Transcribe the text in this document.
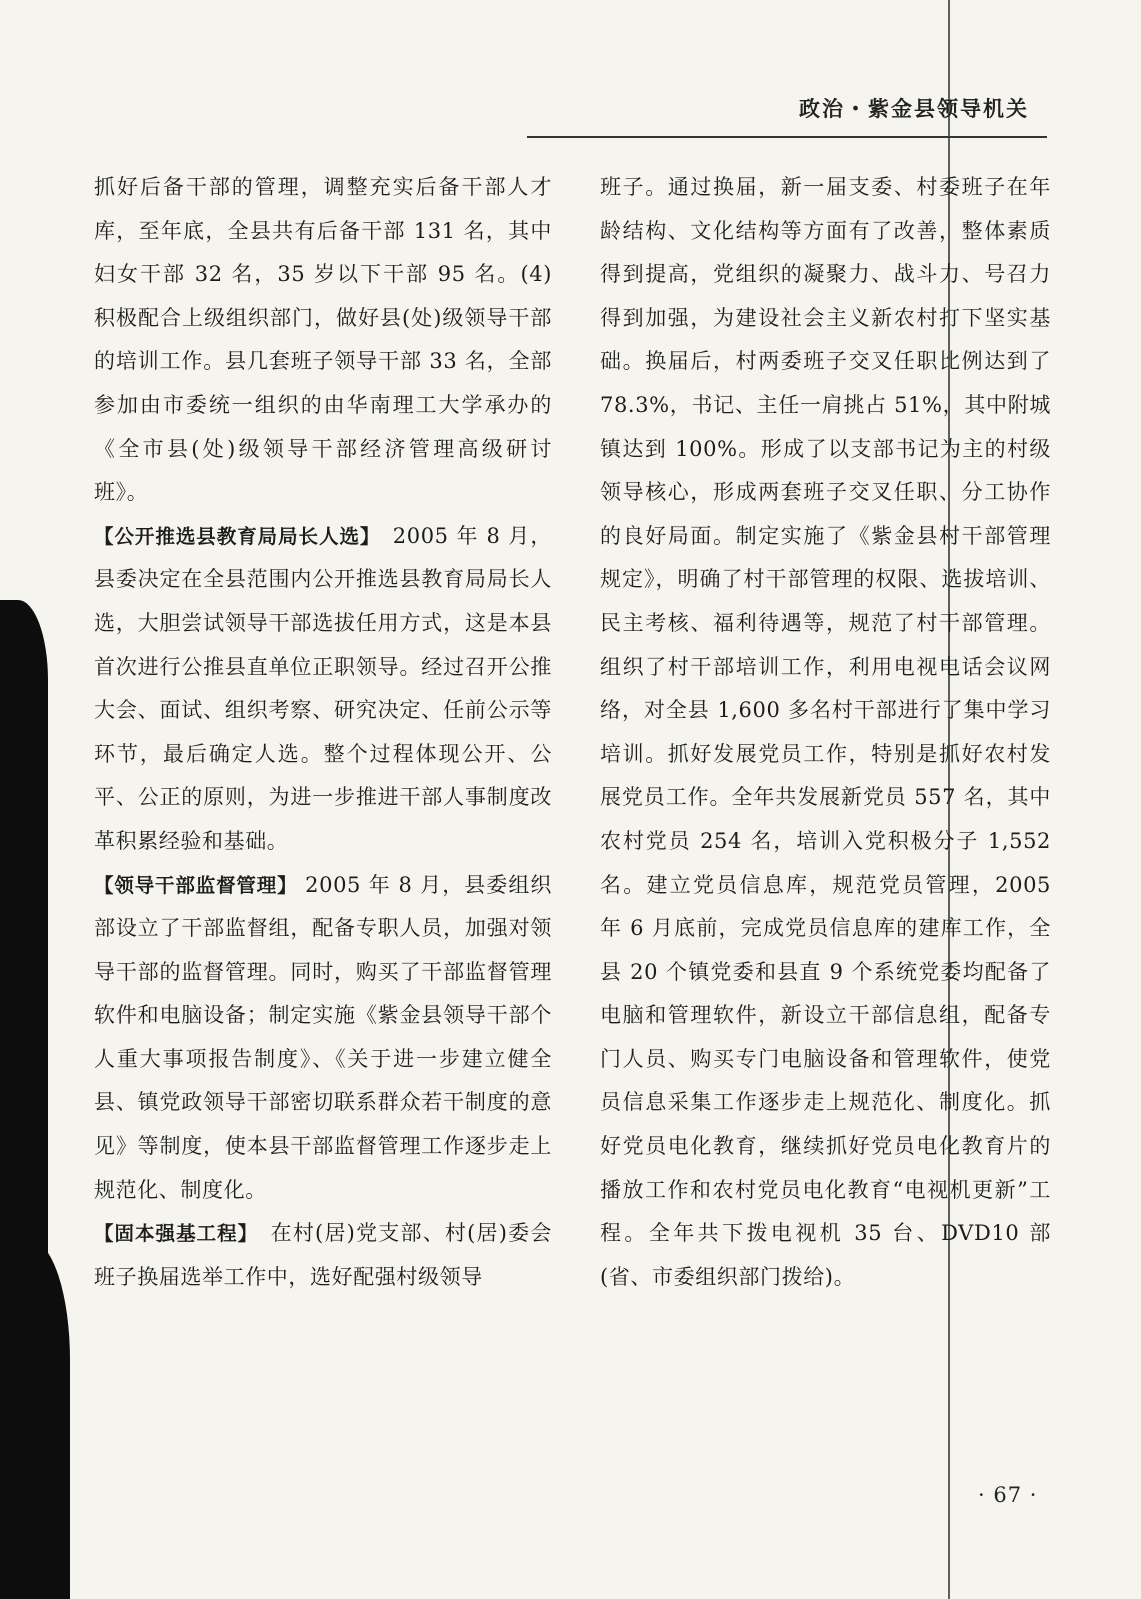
政治・紫金县领导机关

抓好后备干部的管理，调整充实后备干部人才库，至年底，全县共有后备干部 131 名，其中妇女干部 32 名，35 岁以下干部 95 名。(4) 积极配合上级组织部门，做好县(处)级领导干部的培训工作。县几套班子领导干部 33 名，全部参加由市委统一组织的由华南理工大学承办的《全市县(处)级领导干部经济管理高级研讨班》。

【公开推选县教育局局长人选】　2005 年 8 月，县委决定在全县范围内公开推选县教育局局长人选，大胆尝试领导干部选拔任用方式，这是本县首次进行公推县直单位正职领导。经过召开公推大会、面试、组织考察、研究决定、任前公示等环节，最后确定人选。整个过程体现公开、公平、公正的原则，为进一步推进干部人事制度改革积累经验和基础。

【领导干部监督管理】 2005 年 8 月，县委组织部设立了干部监督组，配备专职人员，加强对领导干部的监督管理。同时，购买了干部监督管理软件和电脑设备；制定实施《紫金县领导干部个人重大事项报告制度》、《关于进一步建立健全县、镇党政领导干部密切联系群众若干制度的意见》等制度，使本县干部监督管理工作逐步走上规范化、制度化。

【固本强基工程】　在村(居)党支部、村(居)委会班子换届选举工作中，选好配强村级领导

班子。通过换届，新一届支委、村委班子在年龄结构、文化结构等方面有了改善，整体素质得到提高，党组织的凝聚力、战斗力、号召力得到加强，为建设社会主义新农村打下坚实基础。换届后，村两委班子交叉任职比例达到了 78.3%，书记、主任一肩挑占 51%，其中附城镇达到 100%。形成了以支部书记为主的村级领导核心，形成两套班子交叉任职、分工协作的良好局面。制定实施了《紫金县村干部管理规定》，明确了村干部管理的权限、选拔培训、民主考核、福利待遇等，规范了村干部管理。组织了村干部培训工作，利用电视电话会议网络，对全县 1,600 多名村干部进行了集中学习培训。抓好发展党员工作，特别是抓好农村发展党员工作。全年共发展新党员 557 名，其中农村党员 254 名，培训入党积极分子 1,552 名。建立党员信息库，规范党员管理，2005 年 6 月底前，完成党员信息库的建库工作，全县 20 个镇党委和县直 9 个系统党委均配备了电脑和管理软件，新设立干部信息组，配备专门人员、购买专门电脑设备和管理软件，使党员信息采集工作逐步走上规范化、制度化。抓好党员电化教育，继续抓好党员电化教育片的播放工作和农村党员电化教育“电视机更新”工程。全年共下拨电视机 35 台、DVD10 部(省、市委组织部门拨给)。

· 67 ·
